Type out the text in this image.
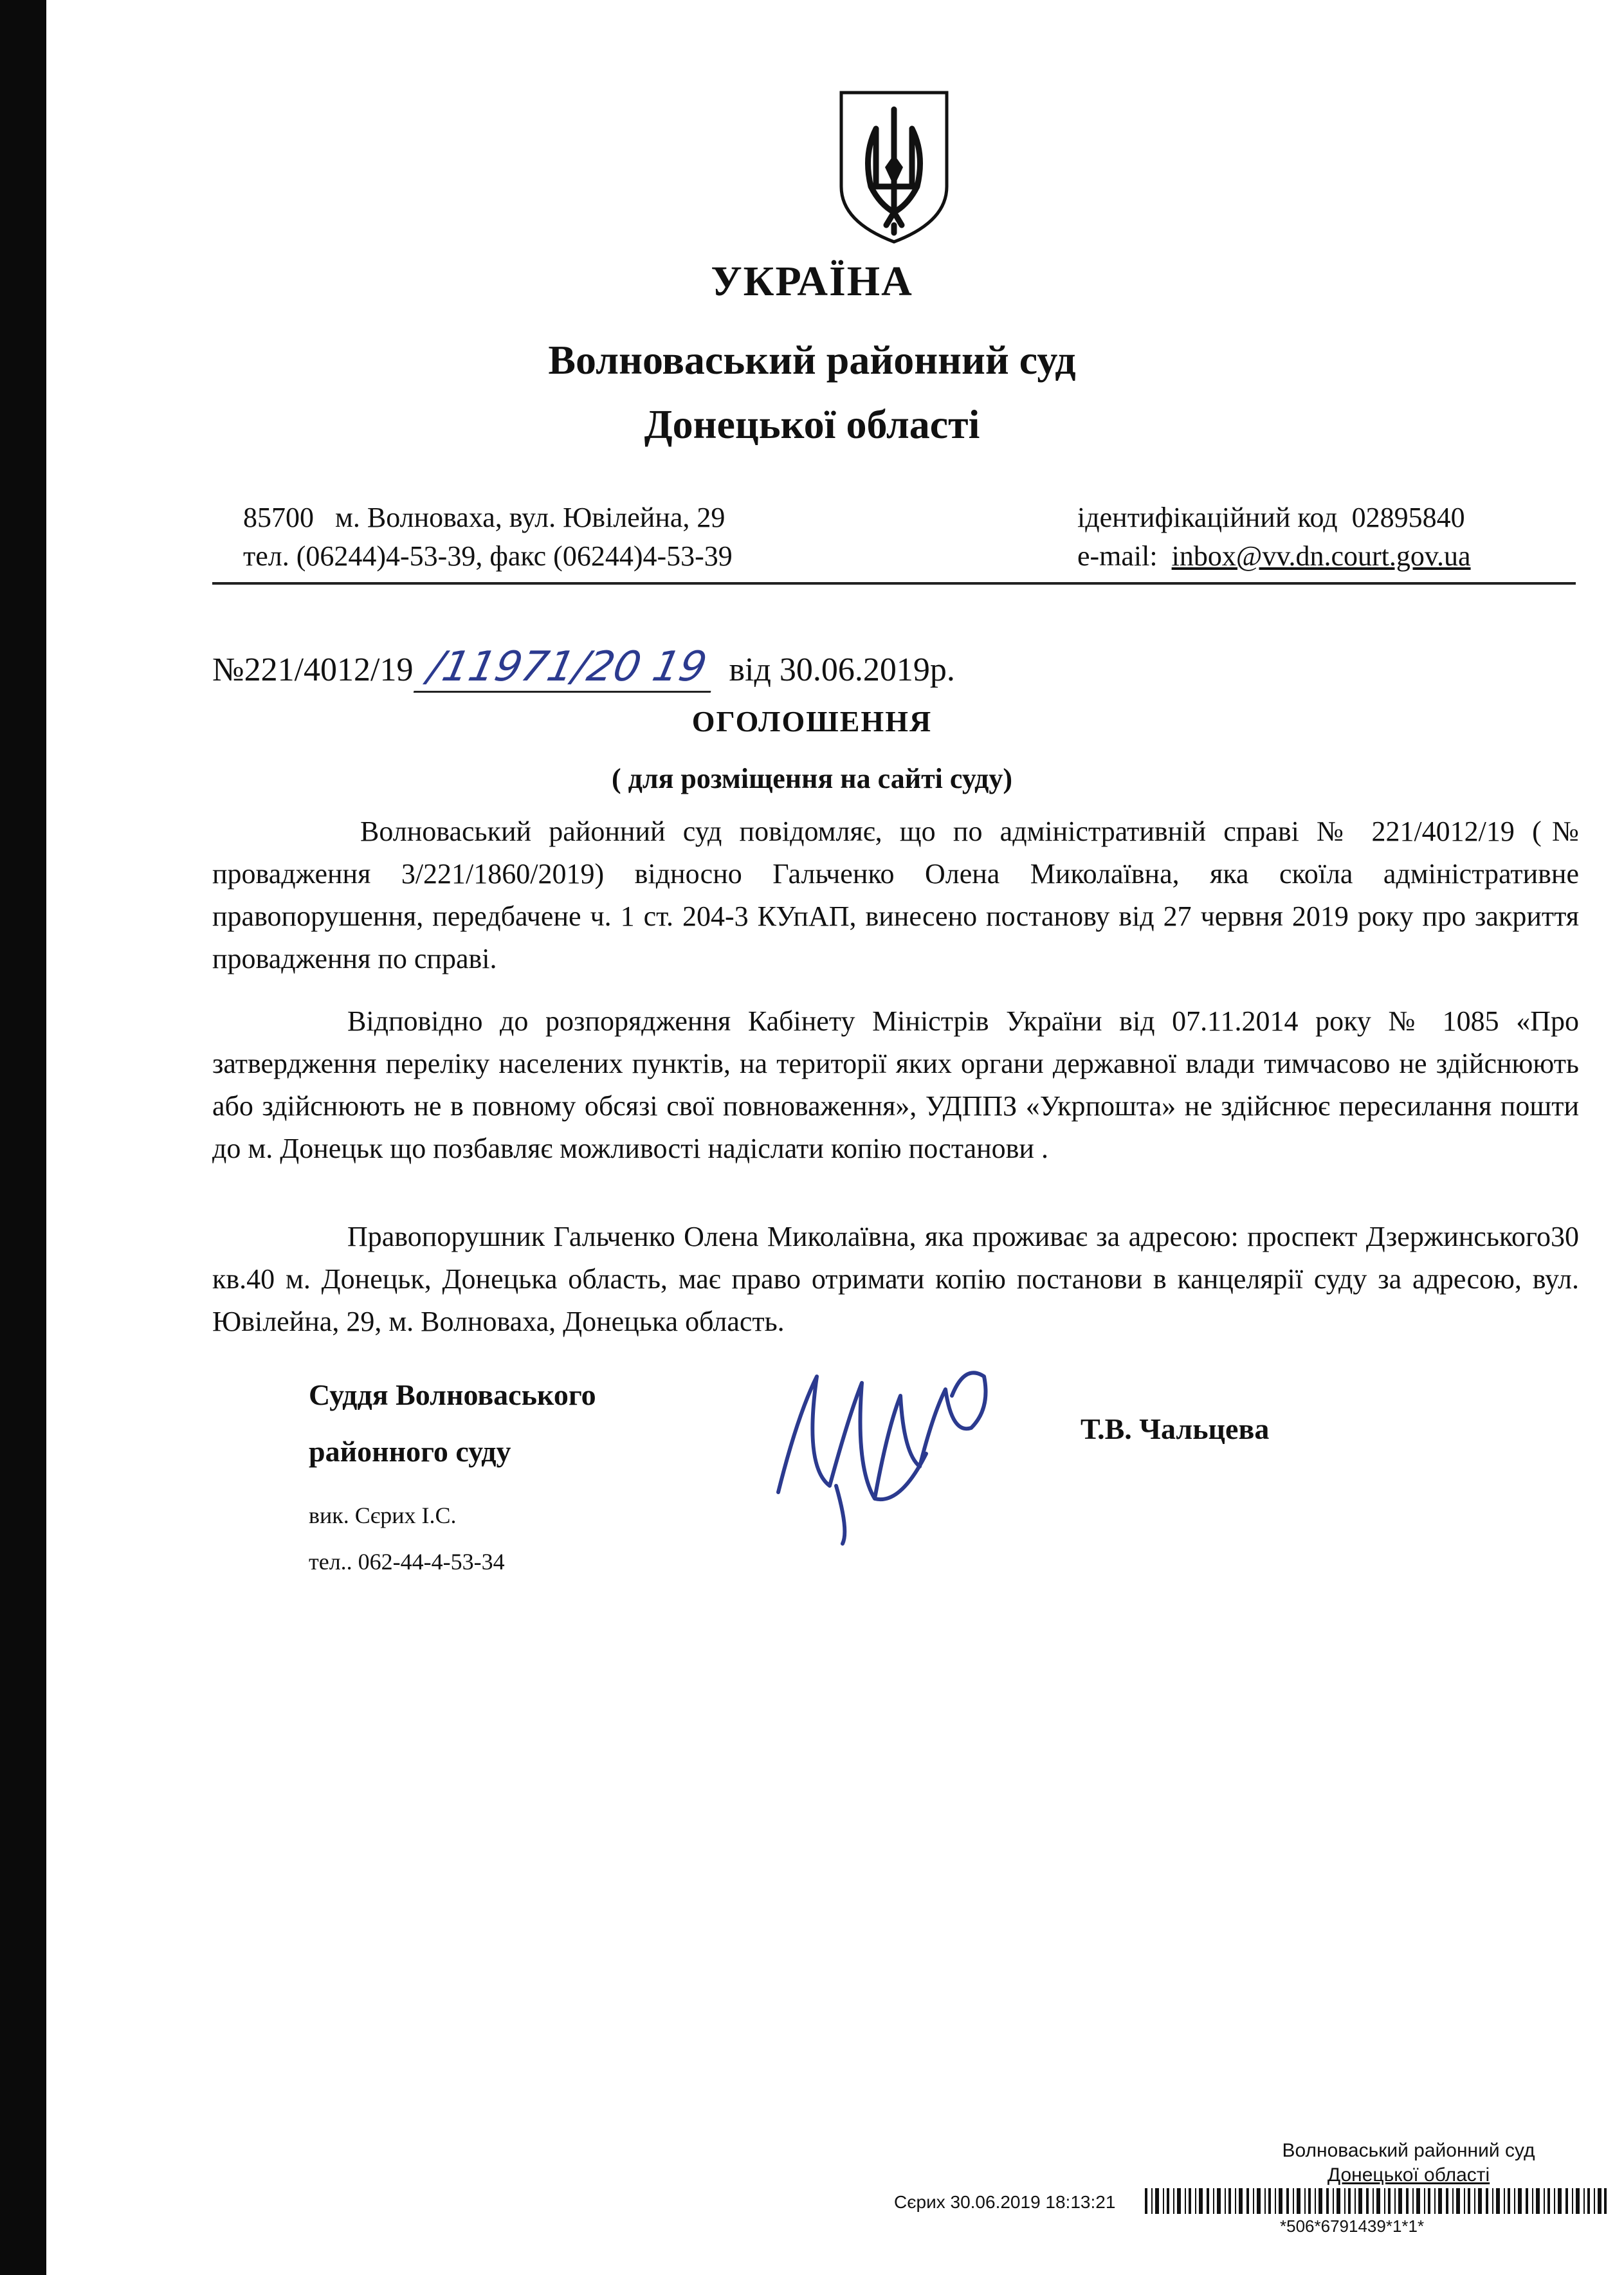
УКРАЇНА
Волноваський районний суд
Донецької області
85700   м. Волноваха, вул. Ювілейна, 29
тел. (06244)4-53-39, факс (06244)4-53-39
ідентифікаційний код  02895840
e-mail:  inbox@vv.dn.court.gov.ua
№221/4012/19 /11971/20 19 від 30.06.2019р.
ОГОЛОШЕННЯ
( для розміщення на сайті суду)

Волноваський районний суд повідомляє, що по адміністративній справі № 221/4012/19 (№ провадження 3/221/1860/2019) відносно Гальченко Олена Миколаївна, яка скоїла адміністративне правопорушення, передбачене ч. 1 ст. 204-3 КУпАП, винесено постанову від 27 червня 2019 року про закриття провадження по справі.

Відповідно до розпорядження Кабінету Міністрів України від 07.11.2014 року № 1085 «Про затвердження переліку населених пунктів, на території яких органи державної влади тимчасово не здійснюють або здійснюють не в повному обсязі свої повноваження», УДППЗ «Укрпошта» не здійснює пересилання пошти до м. Донецьк що позбавляє можливості надіслати копію постанови .

Правопорушник Гальченко Олена Миколаївна, яка проживає за адресою: проспект Дзержинського30 кв.40 м. Донецьк, Донецька область, має право отримати копію постанови в канцелярії суду за адресою, вул. Ювілейна, 29, м. Волноваха, Донецька область.

Суддя Волноваського
районного суду
Т.В. Чальцева
вик. Сєрих І.С.
тел.. 062-44-4-53-34
Волноваський районний суд
Донецької області
Сєрих 30.06.2019 18:13:21
*506*6791439*1*1*
